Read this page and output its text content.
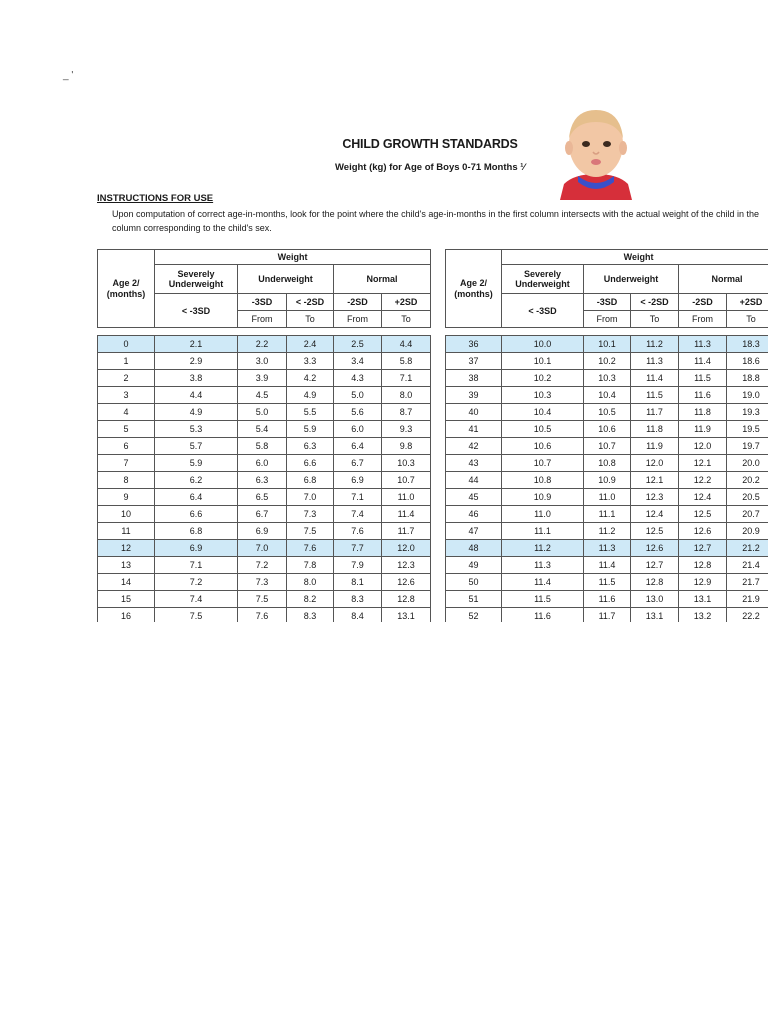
_ '
CHILD GROWTH STANDARDS
Weight (kg) for Age of Boys 0-71 Months ¹⁄
INSTRUCTIONS FOR USE
Upon computation of correct age-in-months, look for the point where the child's age-in-months in the first column intersects with the actual weight of the child in the column corresponding to the child's sex.
Age 2/ (months)	Weight				
	Severely Underweight	Underweight		Normal	
	< -3SD	-3SD	< -2SD	-2SD	+2SD
		From	To	From	To

0	2.1	2.2	2.4	2.5	4.4
1	2.9	3.0	3.3	3.4	5.8
2	3.8	3.9	4.2	4.3	7.1
3	4.4	4.5	4.9	5.0	8.0
4	4.9	5.0	5.5	5.6	8.7
5	5.3	5.4	5.9	6.0	9.3
6	5.7	5.8	6.3	6.4	9.8
7	5.9	6.0	6.6	6.7	10.3
8	6.2	6.3	6.8	6.9	10.7
9	6.4	6.5	7.0	7.1	11.0
10	6.6	6.7	7.3	7.4	11.4
11	6.8	6.9	7.5	7.6	11.7
12	6.9	7.0	7.6	7.7	12.0
13	7.1	7.2	7.8	7.9	12.3
14	7.2	7.3	8.0	8.1	12.6
15	7.4	7.5	8.2	8.3	12.8
16	7.5	7.6	8.3	8.4	13.1
Age 2/ (months)	Weight				
	Severely Underweight	Underweight		Normal	
	< -3SD	-3SD	< -2SD	-2SD	+2SD
		From	To	From	To

36	10.0	10.1	11.2	11.3	18.3
37	10.1	10.2	11.3	11.4	18.6
38	10.2	10.3	11.4	11.5	18.8
39	10.3	10.4	11.5	11.6	19.0
40	10.4	10.5	11.7	11.8	19.3
41	10.5	10.6	11.8	11.9	19.5
42	10.6	10.7	11.9	12.0	19.7
43	10.7	10.8	12.0	12.1	20.0
44	10.8	10.9	12.1	12.2	20.2
45	10.9	11.0	12.3	12.4	20.5
46	11.0	11.1	12.4	12.5	20.7
47	11.1	11.2	12.5	12.6	20.9
48	11.2	11.3	12.6	12.7	21.2
49	11.3	11.4	12.7	12.8	21.4
50	11.4	11.5	12.8	12.9	21.7
51	11.5	11.6	13.0	13.1	21.9
52	11.6	11.7	13.1	13.2	22.2
